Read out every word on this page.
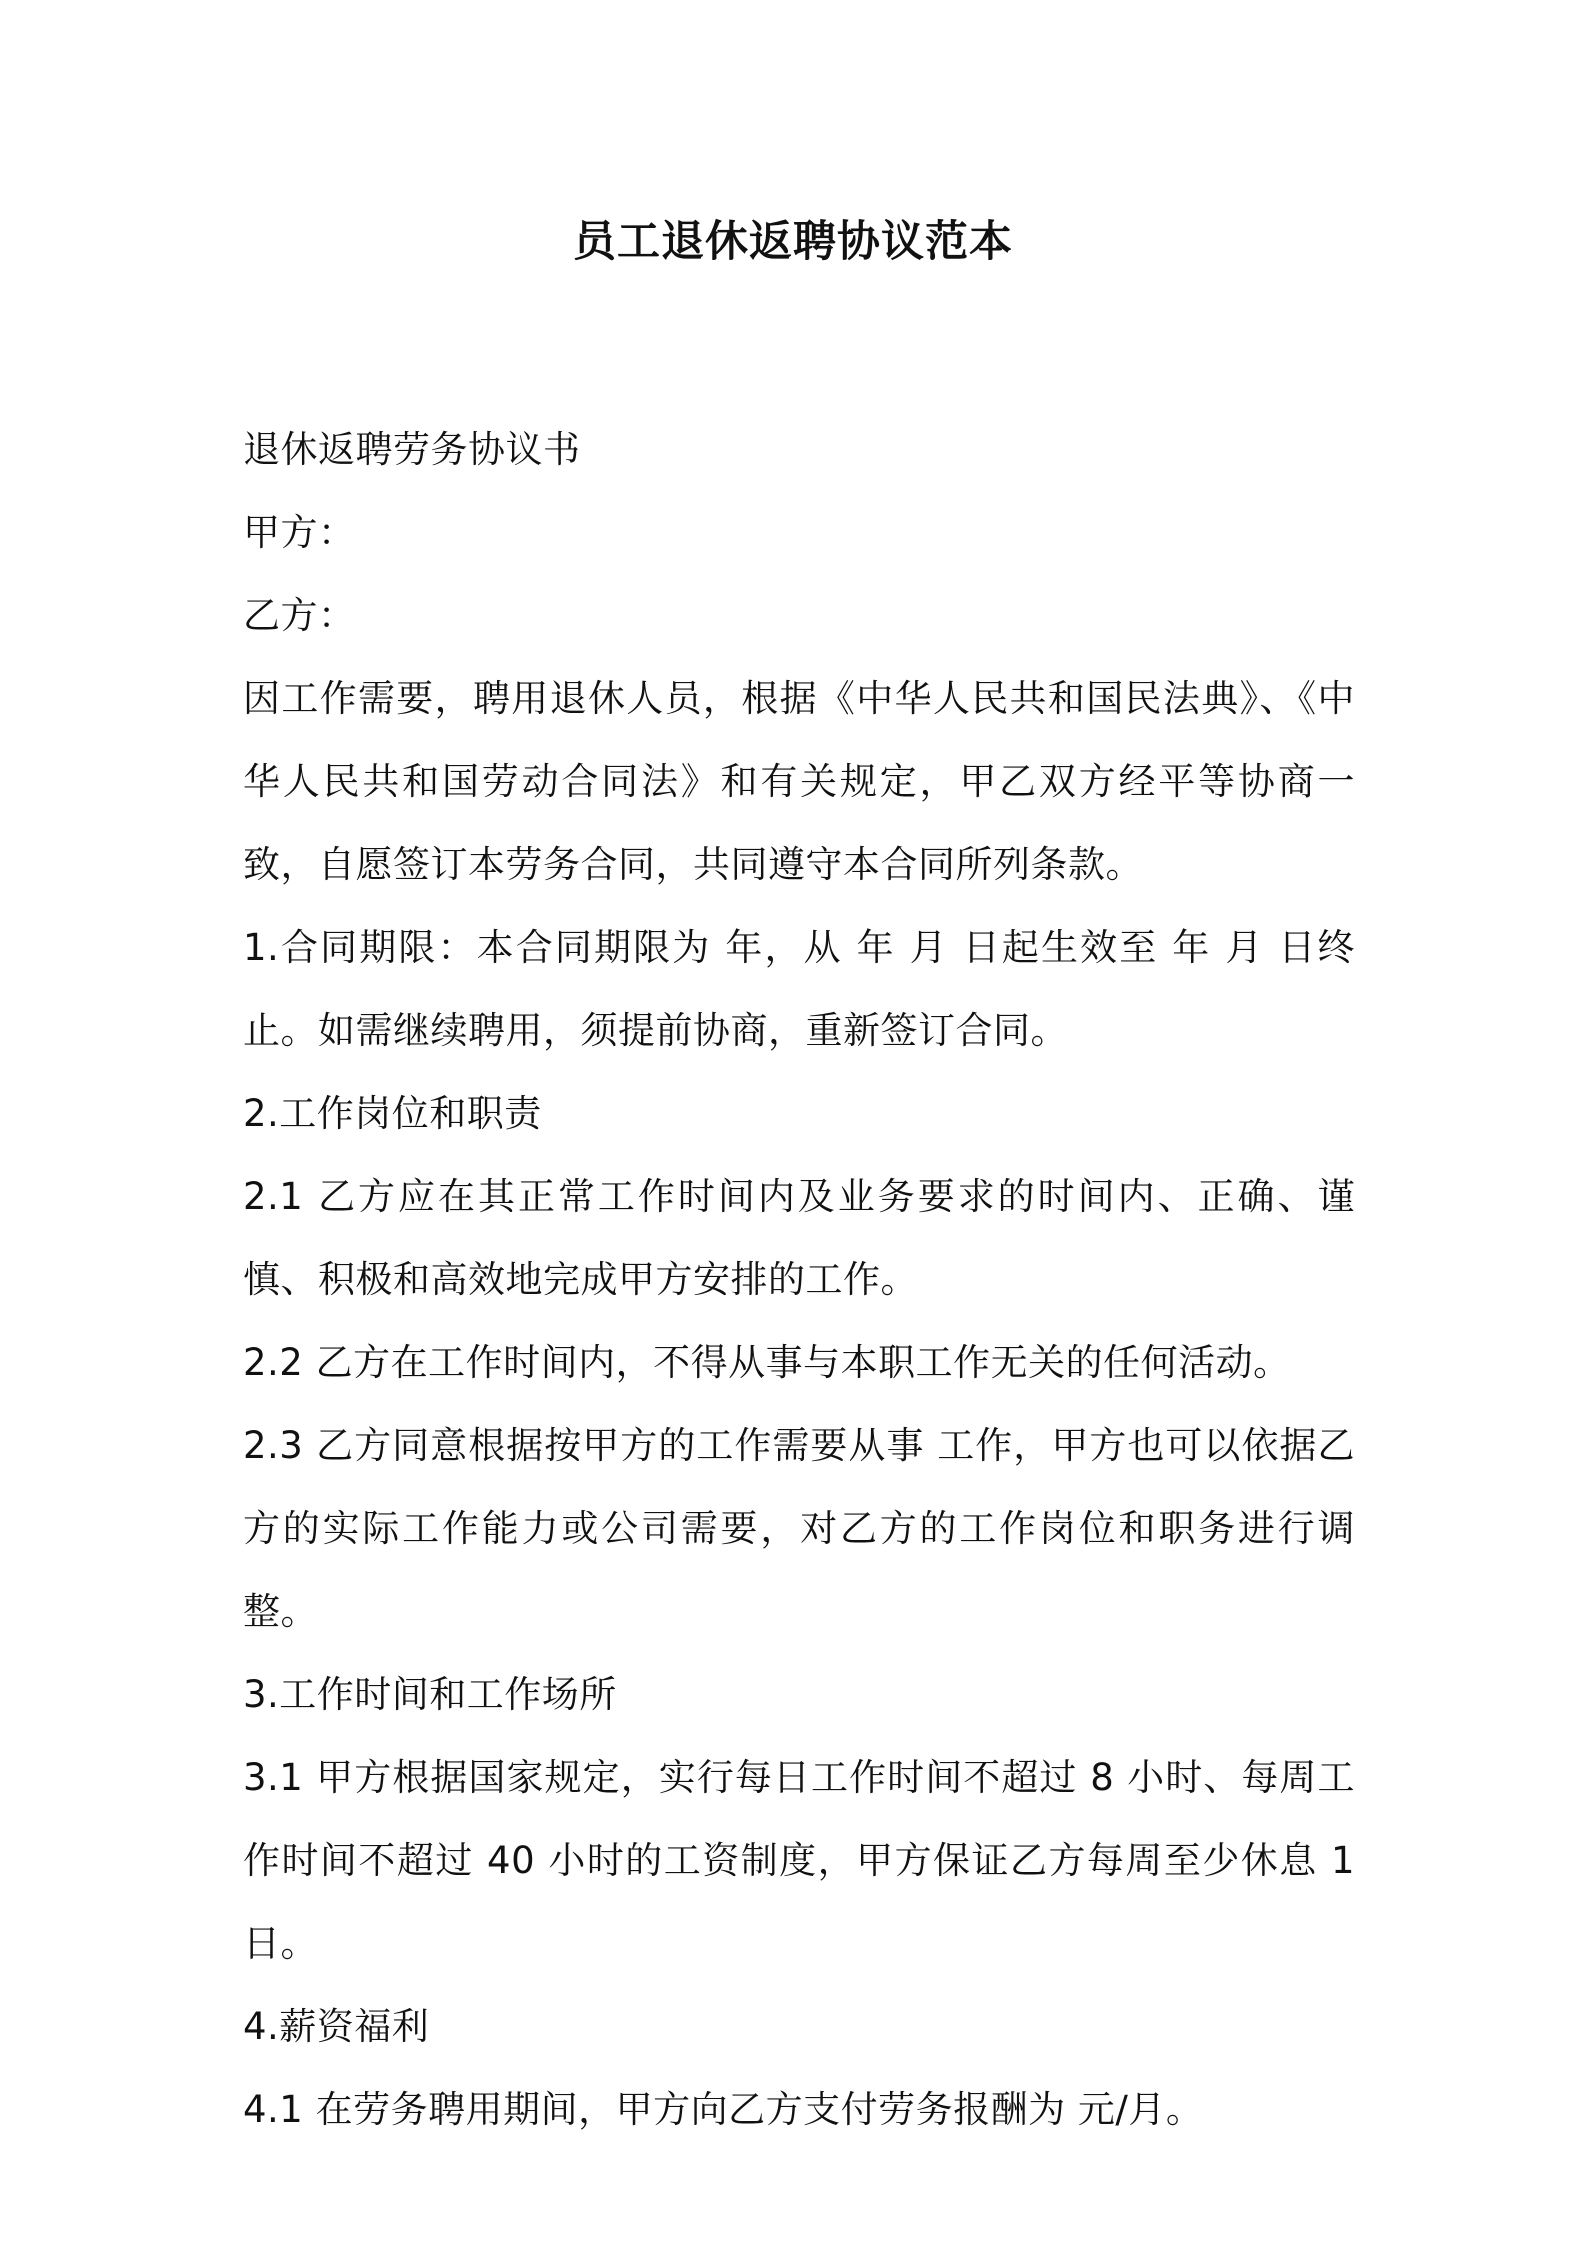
员工退休返聘协议范本

退休返聘劳务协议书

甲方：

乙方：

因工作需要，聘用退休人员，根据《中华人民共和国民法典》、《中华人民共和国劳动合同法》和有关规定，甲乙双方经平等协商一致，自愿签订本劳务合同，共同遵守本合同所列条款。

1.合同期限：本合同期限为 年，从 年 月 日起生效至 年 月 日终止。如需继续聘用，须提前协商，重新签订合同。

2.工作岗位和职责

2.1 乙方应在其正常工作时间内及业务要求的时间内、正确、谨慎、积极和高效地完成甲方安排的工作。

2.2 乙方在工作时间内，不得从事与本职工作无关的任何活动。

2.3 乙方同意根据按甲方的工作需要从事 工作，甲方也可以依据乙方的实际工作能力或公司需要，对乙方的工作岗位和职务进行调整。

3.工作时间和工作场所

3.1 甲方根据国家规定，实行每日工作时间不超过 8 小时、每周工作时间不超过 40 小时的工资制度，甲方保证乙方每周至少休息 1 日。

4.薪资福利

4.1 在劳务聘用期间，甲方向乙方支付劳务报酬为 元/月。
